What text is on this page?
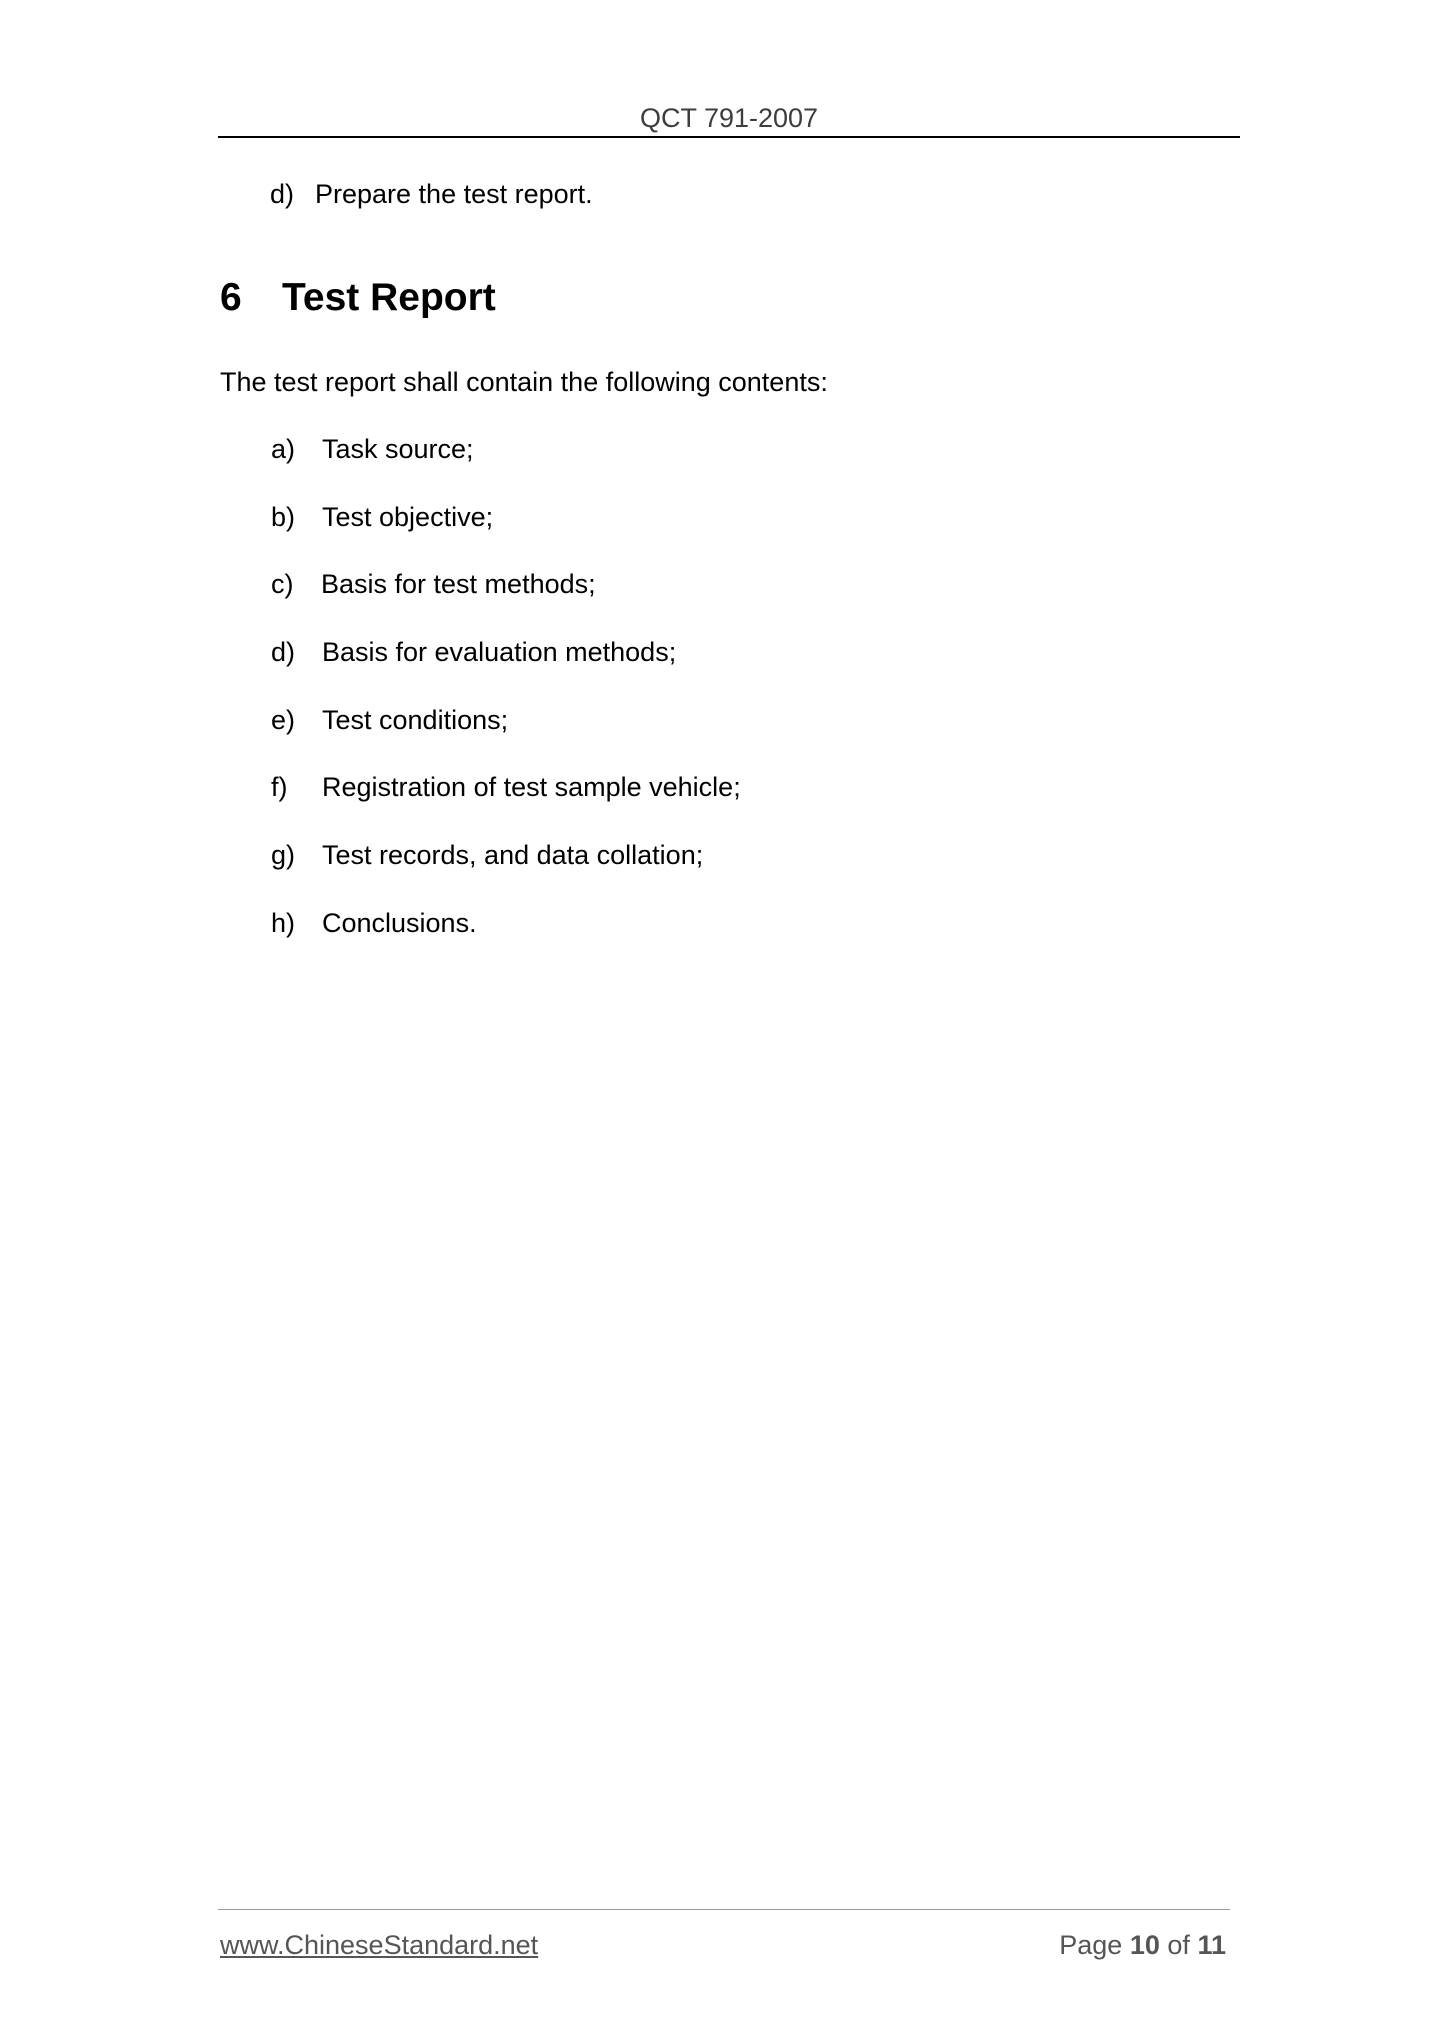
QCT 791-2007
d) Prepare the test report.
6 Test Report
The test report shall contain the following contents:
a) Task source;
b) Test objective;
c) Basis for test methods;
d) Basis for evaluation methods;
e) Test conditions;
f) Registration of test sample vehicle;
g) Test records, and data collation;
h) Conclusions.
www.ChineseStandard.net	Page 10 of 11
